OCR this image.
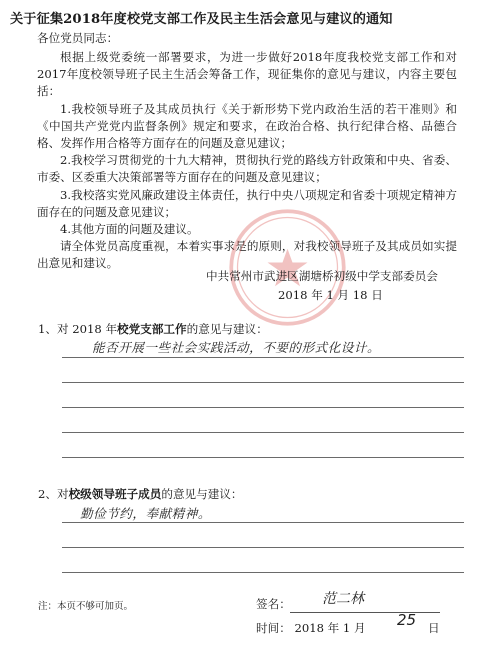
关于征集2018年度校党支部工作及民主生活会意见与建议的通知
各位党员同志：

根据上级党委统一部署要求，为进一步做好2018年度我校党支部工作和对2017年度校领导班子民主生活会筹备工作，现征集你的意见与建议，内容主要包括：

1.我校领导班子及其成员执行《关于新形势下党内政治生活的若干准则》和《中国共产党党内监督条例》规定和要求，在政治合格、执行纪律合格、品德合格、发挥作用合格等方面存在的问题及意见建议；

2.我校学习贯彻党的十九大精神，贯彻执行党的路线方针政策和中央、省委、市委、区委重大决策部署等方面存在的问题及意见建议；

3.我校落实党风廉政建设主体责任，执行中央八项规定和省委十项规定精神方面存在的问题及意见建议；

4.其他方面的问题及建议。

请全体党员高度重视，本着实事求是的原则，对我校领导班子及其成员如实提出意见和建议。

中共常州市武进区湖塘桥初级中学支部委员会
2018 年 1 月 18 日
1、对 2018 年校党支部工作的意见与建议：
能否开展一些社会实践活动，不要的形式化设计。
2、对校级领导班子成员的意见与建议：
勤俭节约，奉献精神。
注：本页不够可加页。	签名： 范二林
时间： 2018 年 1 月 25 日
